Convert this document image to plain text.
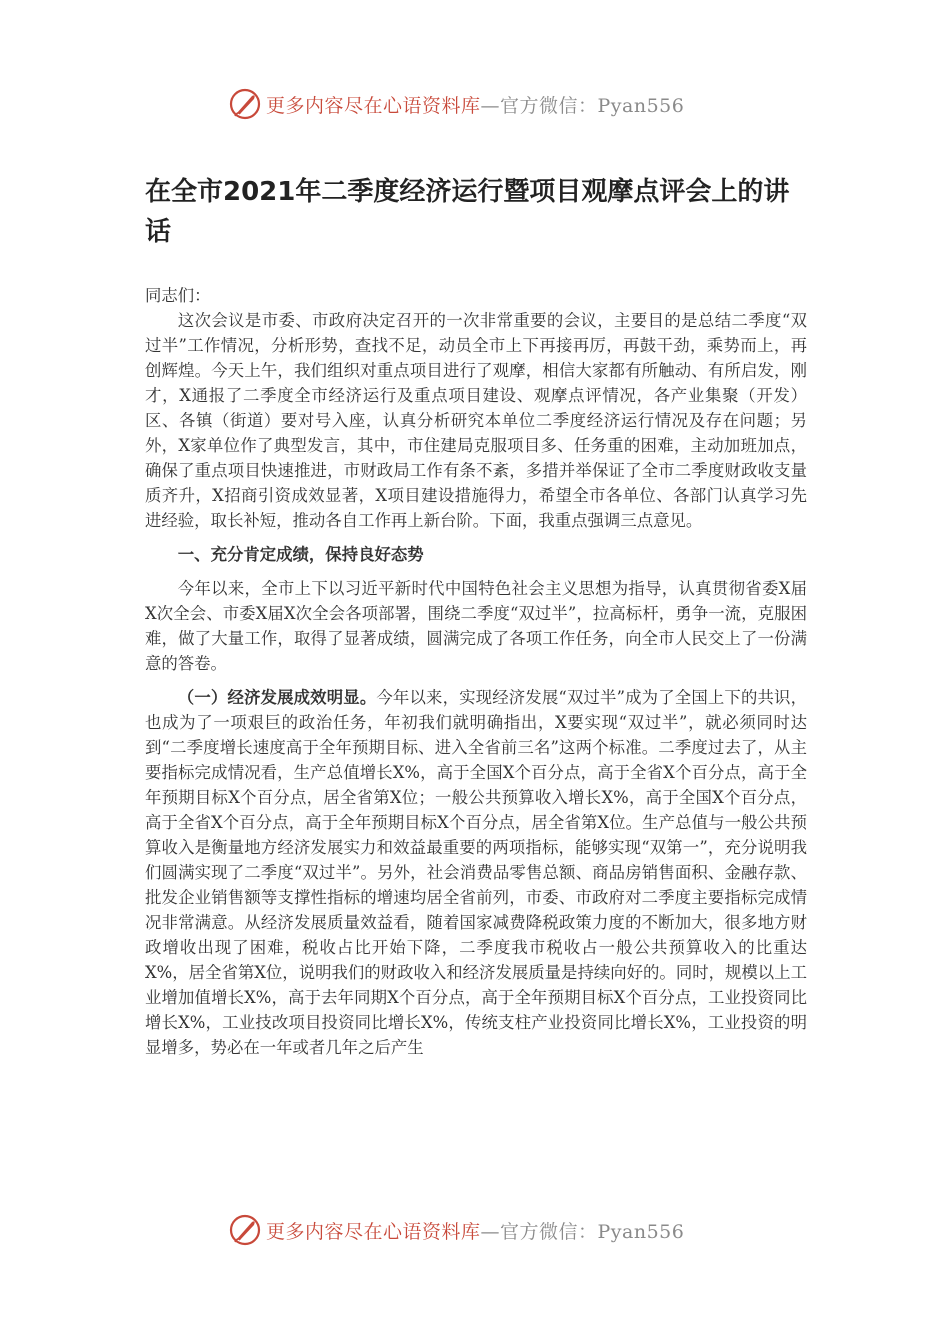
更多内容尽在心语资料库—官方微信：Pyan556
在全市2021年二季度经济运行暨项目观摩点评会上的讲话

同志们：

这次会议是市委、市政府决定召开的一次非常重要的会议，主要目的是总结二季度“双过半”工作情况，分析形势，查找不足，动员全市上下再接再厉，再鼓干劲，乘势而上，再创辉煌。今天上午，我们组织对重点项目进行了观摩，相信大家都有所触动、有所启发，刚才，X通报了二季度全市经济运行及重点项目建设、观摩点评情况，各产业集聚（开发）区、各镇（街道）要对号入座，认真分析研究本单位二季度经济运行情况及存在问题；另外，X家单位作了典型发言，其中，市住建局克服项目多、任务重的困难，主动加班加点，确保了重点项目快速推进，市财政局工作有条不紊，多措并举保证了全市二季度财政收支量质齐升，X招商引资成效显著，X项目建设措施得力，希望全市各单位、各部门认真学习先进经验，取长补短，推动各自工作再上新台阶。下面，我重点强调三点意见。

一、充分肯定成绩，保持良好态势

今年以来，全市上下以习近平新时代中国特色社会主义思想为指导，认真贯彻省委X届X次全会、市委X届X次全会各项部署，围绕二季度“双过半”，拉高标杆，勇争一流，克服困难，做了大量工作，取得了显著成绩，圆满完成了各项工作任务，向全市人民交上了一份满意的答卷。

（一）经济发展成效明显。今年以来，实现经济发展“双过半”成为了全国上下的共识，也成为了一项艰巨的政治任务，年初我们就明确指出，X要实现“双过半”，就必须同时达到“二季度增长速度高于全年预期目标、进入全省前三名”这两个标准。二季度过去了，从主要指标完成情况看，生产总值增长X%，高于全国X个百分点，高于全省X个百分点，高于全年预期目标X个百分点，居全省第X位；一般公共预算收入增长X%，高于全国X个百分点，高于全省X个百分点，高于全年预期目标X个百分点，居全省第X位。生产总值与一般公共预算收入是衡量地方经济发展实力和效益最重要的两项指标，能够实现“双第一”，充分说明我们圆满实现了二季度“双过半”。另外，社会消费品零售总额、商品房销售面积、金融存款、批发企业销售额等支撑性指标的增速均居全省前列，市委、市政府对二季度主要指标完成情况非常满意。从经济发展质量效益看，随着国家减费降税政策力度的不断加大，很多地方财政增收出现了困难，税收占比开始下降，二季度我市税收占一般公共预算收入的比重达X%，居全省第X位，说明我们的财政收入和经济发展质量是持续向好的。同时，规模以上工业增加值增长X%，高于去年同期X个百分点，高于全年预期目标X个百分点，工业投资同比增长X%，工业技改项目投资同比增长X%，传统支柱产业投资同比增长X%，工业投资的明显增多，势必在一年或者几年之后产生

更多内容尽在心语资料库—官方微信：Pyan556
